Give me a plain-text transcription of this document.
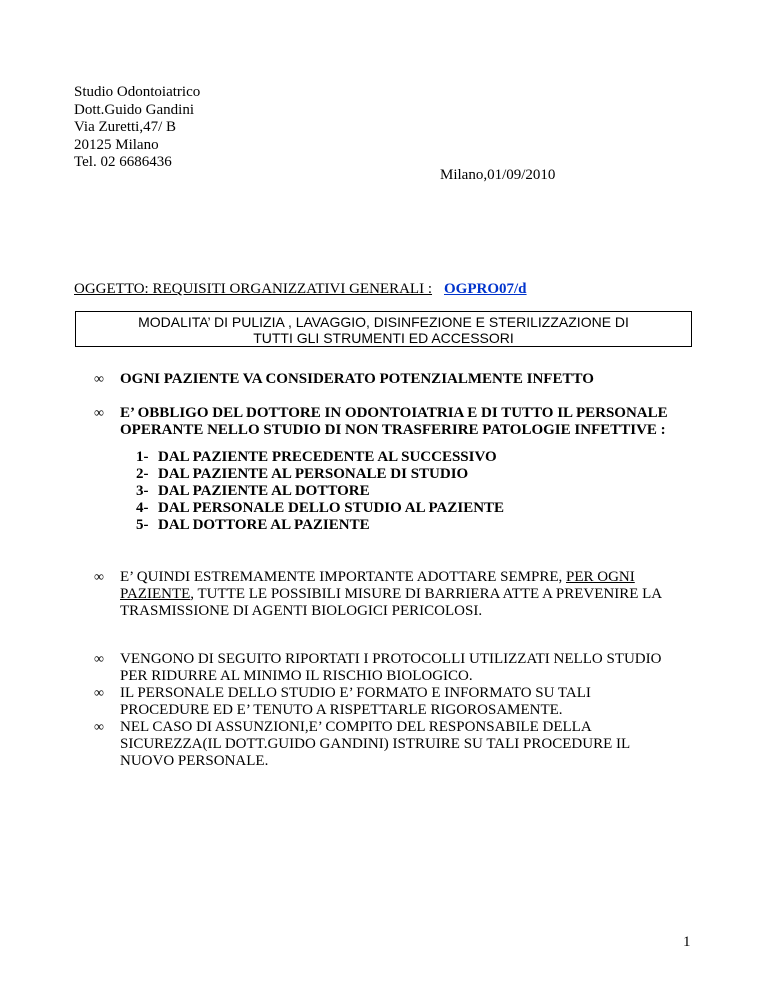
Studio Odontoiatrico
Dott.Guido Gandini
Via Zuretti,47/ B
20125 Milano
Tel. 02 6686436
Milano,01/09/2010
OGGETTO: REQUISITI ORGANIZZATIVI GENERALI : OGPRO07/d
MODALITA’ DI PULIZIA , LAVAGGIO, DISINFEZIONE E STERILIZZAZIONE DI
TUTTI GLI STRUMENTI ED ACCESSORI
∞ OGNI PAZIENTE VA CONSIDERATO POTENZIALMENTE INFETTO
∞ E’ OBBLIGO DEL DOTTORE IN ODONTOIATRIA E DI TUTTO IL PERSONALE
OPERANTE NELLO STUDIO DI NON TRASFERIRE PATOLOGIE INFETTIVE :
1- DAL PAZIENTE PRECEDENTE AL SUCCESSIVO
2- DAL PAZIENTE AL PERSONALE DI STUDIO
3- DAL PAZIENTE AL DOTTORE
4- DAL PERSONALE DELLO STUDIO AL PAZIENTE
5- DAL DOTTORE AL PAZIENTE
∞ E’ QUINDI ESTREMAMENTE IMPORTANTE ADOTTARE SEMPRE, PER OGNI
PAZIENTE, TUTTE LE POSSIBILI MISURE DI BARRIERA ATTE A PREVENIRE LA
TRASMISSIONE DI AGENTI BIOLOGICI PERICOLOSI.
∞ VENGONO DI SEGUITO RIPORTATI I PROTOCOLLI UTILIZZATI NELLO STUDIO
PER RIDURRE AL MINIMO IL RISCHIO BIOLOGICO.
∞ IL PERSONALE DELLO STUDIO E’ FORMATO E INFORMATO SU TALI
PROCEDURE ED E’ TENUTO A RISPETTARLE RIGOROSAMENTE.
∞ NEL CASO DI ASSUNZIONI,E’ COMPITO DEL RESPONSABILE DELLA
SICUREZZA(IL DOTT.GUIDO GANDINI) ISTRUIRE SU TALI PROCEDURE IL
NUOVO PERSONALE.
1
